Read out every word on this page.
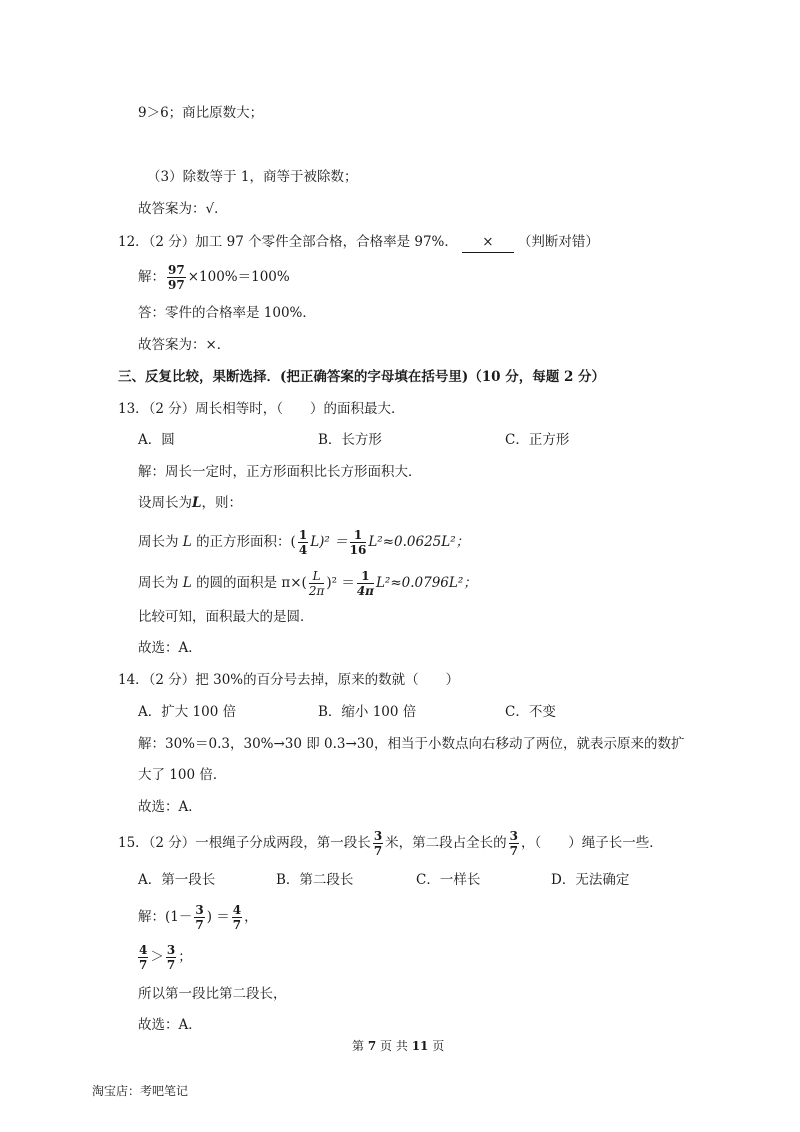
9＞6；商比原数大；
（3）除数等于 1，商等于被除数；
故答案为：√．
12．（2 分）加工 97 个零件全部合格，合格率是 97%． × （判断对错）
解： $\frac{97}{97} \times 100\%=100\%$
答：零件的合格率是 100%．
故答案为：×．
三、反复比较，果断选择．(把正确答案的字母填在括号里)（10 分，每题 2 分）
13．（2 分）周长相等时，（　　）的面积最大．
A．圆	B．长方形	C．正方形
解：周长一定时，正方形面积比长方形面积大．
设周长为L，则：
周长为 L 的正方形面积：( $\frac{1}{4} L)^2 = \frac{1}{16} L^2\approx 0.0625L^2$；
周长为 L 的圆的面积是 $\pi\times( \frac{L}{2\pi} )^2 = \frac{1}{4\pi} L^2\approx 0.0796L^2$；
比较可知，面积最大的是圆．
故选：A．
14．（2 分）把 30%的百分号去掉，原来的数就（　　）
A．扩大 100 倍	B．缩小 100 倍	C．不变
解：30%＝0.3，30%→30 即 0.3→30，相当于小数点向右移动了两位，就表示原来的数扩
大了 100 倍．
故选：A．
15．（2 分）一根绳子分成两段，第一段长 $\frac{3}{7}$ 米，第二段占全长的 $\frac{3}{7}$ ，（　　）绳子长一些．
A．第一段长	B．第二段长	C．一样长	D．无法确定
解：($1- \frac{3}{7}$ ) ＝ $\frac{4}{7}$ ，
$\frac{4}{7} > \frac{3}{7}$ ；
所以第一段比第二段长，
故选：A．
第 7 页 共 11 页
淘宝店：考吧笔记
